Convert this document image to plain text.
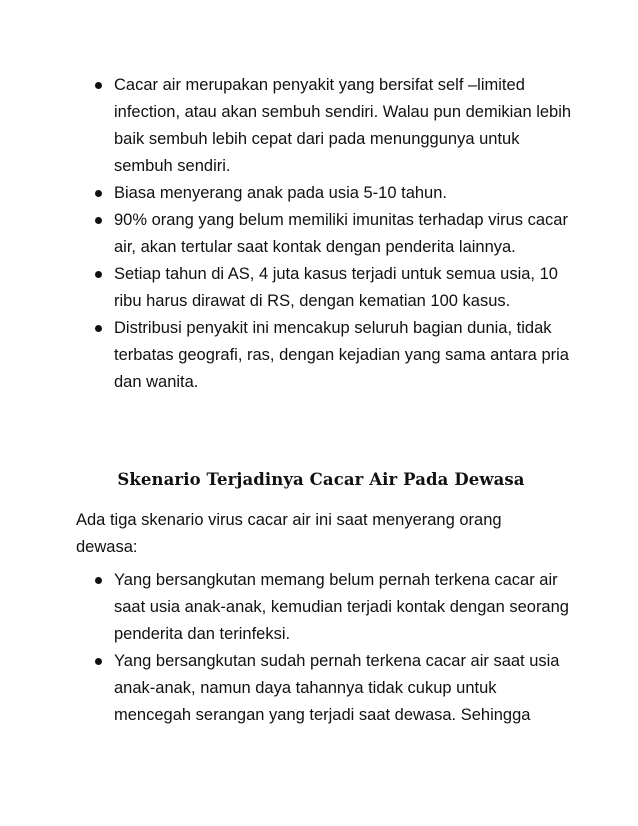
Cacar air merupakan penyakit yang bersifat self –limited infection, atau akan sembuh sendiri. Walau pun demikian lebih baik sembuh lebih cepat dari pada menunggunya untuk sembuh sendiri.
Biasa menyerang anak pada usia 5-10 tahun.
90% orang yang belum memiliki imunitas terhadap virus cacar air, akan tertular saat kontak dengan penderita lainnya.
Setiap tahun di AS, 4 juta kasus terjadi untuk semua usia, 10 ribu harus dirawat di RS, dengan kematian 100 kasus.
Distribusi penyakit ini mencakup seluruh bagian dunia, tidak terbatas geografi, ras, dengan kejadian yang sama antara pria dan wanita.
Skenario Terjadinya Cacar Air Pada Dewasa

Ada tiga skenario virus cacar air ini saat menyerang orang dewasa:

Yang bersangkutan memang belum pernah terkena cacar air saat usia anak-anak, kemudian terjadi kontak dengan seorang penderita dan terinfeksi.
Yang bersangkutan sudah pernah terkena cacar air saat usia anak-anak, namun daya tahannya tidak cukup untuk mencegah serangan yang terjadi saat dewasa. Sehingga
